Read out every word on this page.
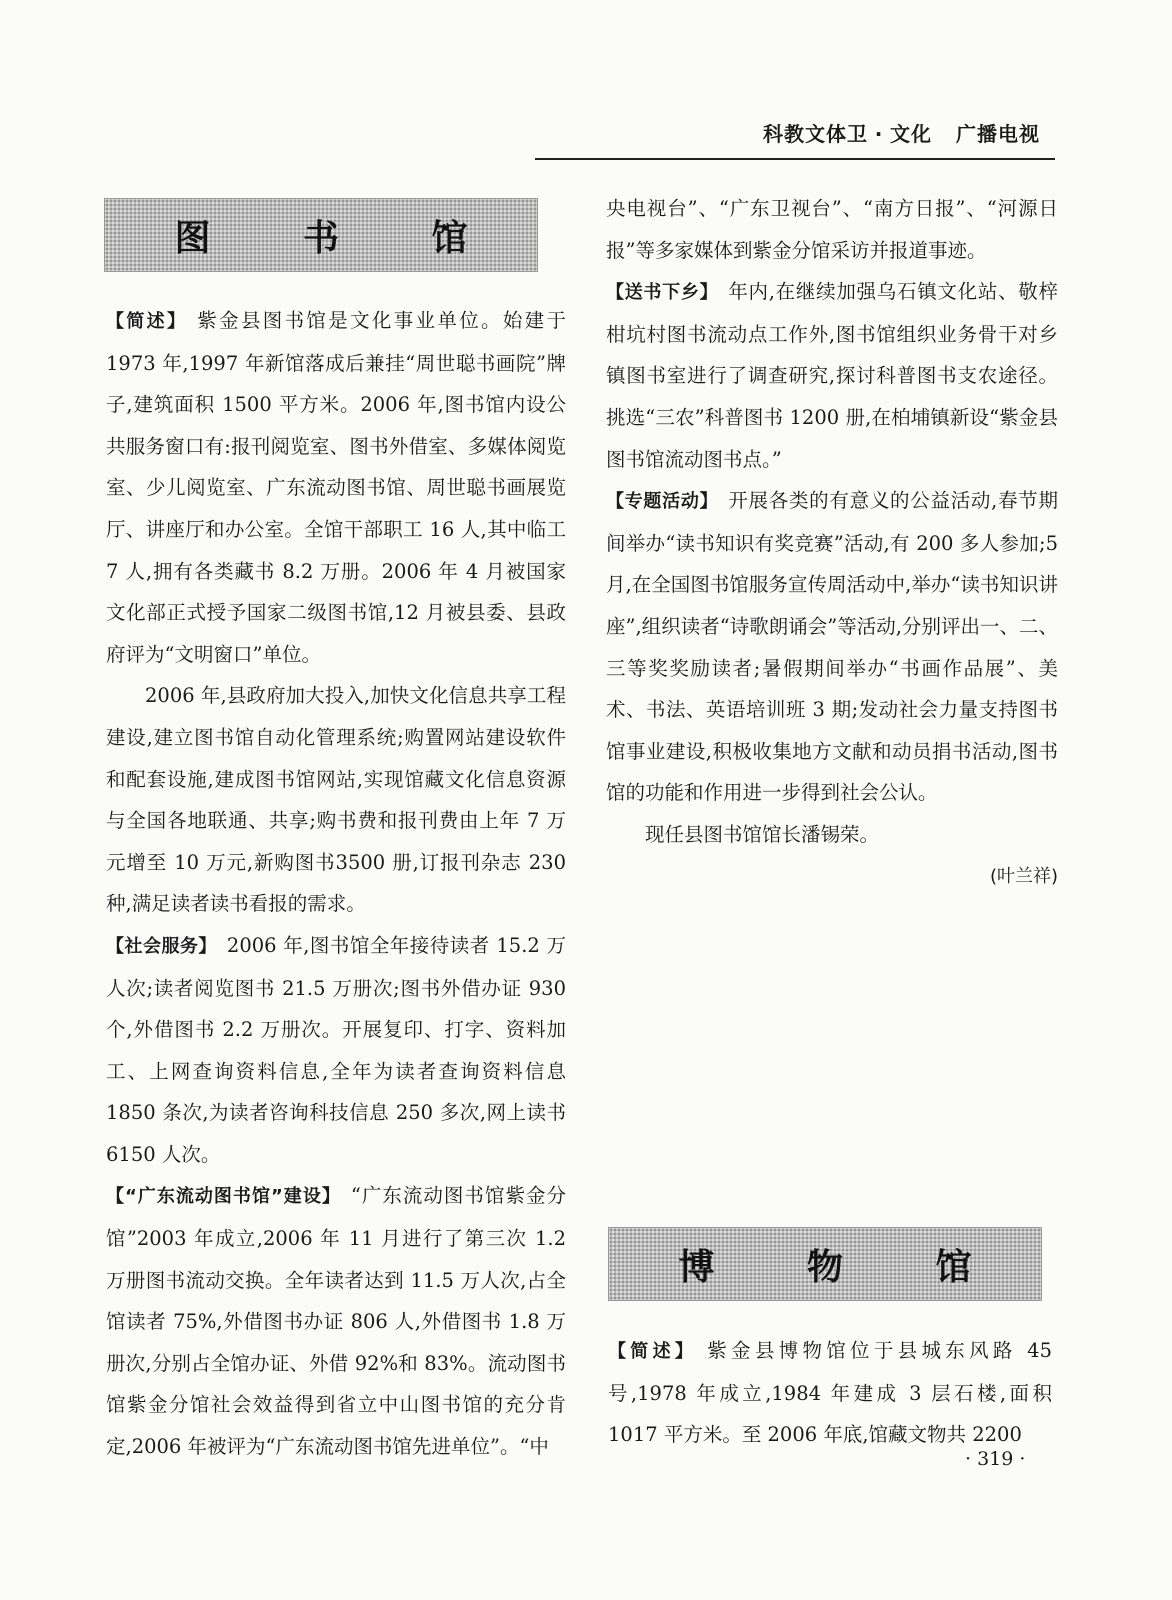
科教文体卫 · 文化 广播电视
图 书 馆

【简述】 紫金县图书馆是文化事业单位。始建于 1973 年,1997 年新馆落成后兼挂“周世聪书画院”牌子,建筑面积 1500 平方米。2006 年,图书馆内设公共服务窗口有:报刊阅览室、图书外借室、多媒体阅览室、少儿阅览室、广东流动图书馆、周世聪书画展览厅、讲座厅和办公室。全馆干部职工 16 人,其中临工 7 人,拥有各类藏书 8.2 万册。2006 年 4 月被国家文化部正式授予国家二级图书馆,12 月被县委、县政府评为“文明窗口”单位。

2006 年,县政府加大投入,加快文化信息共享工程建设,建立图书馆自动化管理系统;购置网站建设软件和配套设施,建成图书馆网站,实现馆藏文化信息资源与全国各地联通、共享;购书费和报刊费由上年 7 万元增至 10 万元,新购图书3500 册,订报刊杂志 230 种,满足读者读书看报的需求。

【社会服务】 2006 年,图书馆全年接待读者 15.2 万人次;读者阅览图书 21.5 万册次;图书外借办证 930 个,外借图书 2.2 万册次。开展复印、打字、资料加工、上网查询资料信息,全年为读者查询资料信息 1850 条次,为读者咨询科技信息 250 多次,网上读书 6150 人次。

【“广东流动图书馆”建设】 “广东流动图书馆紫金分馆”2003 年成立,2006 年 11 月进行了第三次 1.2 万册图书流动交换。全年读者达到 11.5 万人次,占全馆读者 75%,外借图书办证 806 人,外借图书 1.8 万册次,分别占全馆办证、外借 92%和 83%。流动图书馆紫金分馆社会效益得到省立中山图书馆的充分肯定,2006 年被评为“广东流动图书馆先进单位”。“中

央电视台”、“广东卫视台”、“南方日报”、“河源日报”等多家媒体到紫金分馆采访并报道事迹。

【送书下乡】 年内,在继续加强乌石镇文化站、敬梓柑坑村图书流动点工作外,图书馆组织业务骨干对乡镇图书室进行了调查研究,探讨科普图书支农途径。挑选“三农”科普图书 1200 册,在柏埔镇新设“紫金县图书馆流动图书点。”

【专题活动】 开展各类的有意义的公益活动,春节期间举办“读书知识有奖竞赛”活动,有 200 多人参加;5 月,在全国图书馆服务宣传周活动中,举办“读书知识讲座”,组织读者“诗歌朗诵会”等活动,分别评出一、二、三等奖奖励读者;暑假期间举办“书画作品展”、美术、书法、英语培训班 3 期;发动社会力量支持图书馆事业建设,积极收集地方文献和动员捐书活动,图书馆的功能和作用进一步得到社会公认。

现任县图书馆馆长潘锡荣。

(叶兰祥)

博 物 馆

【简述】 紫金县博物馆位于县城东风路 45 号,1978 年成立,1984 年建成 3 层石楼,面积 1017 平方米。至 2006 年底,馆藏文物共 2200

· 319 ·
